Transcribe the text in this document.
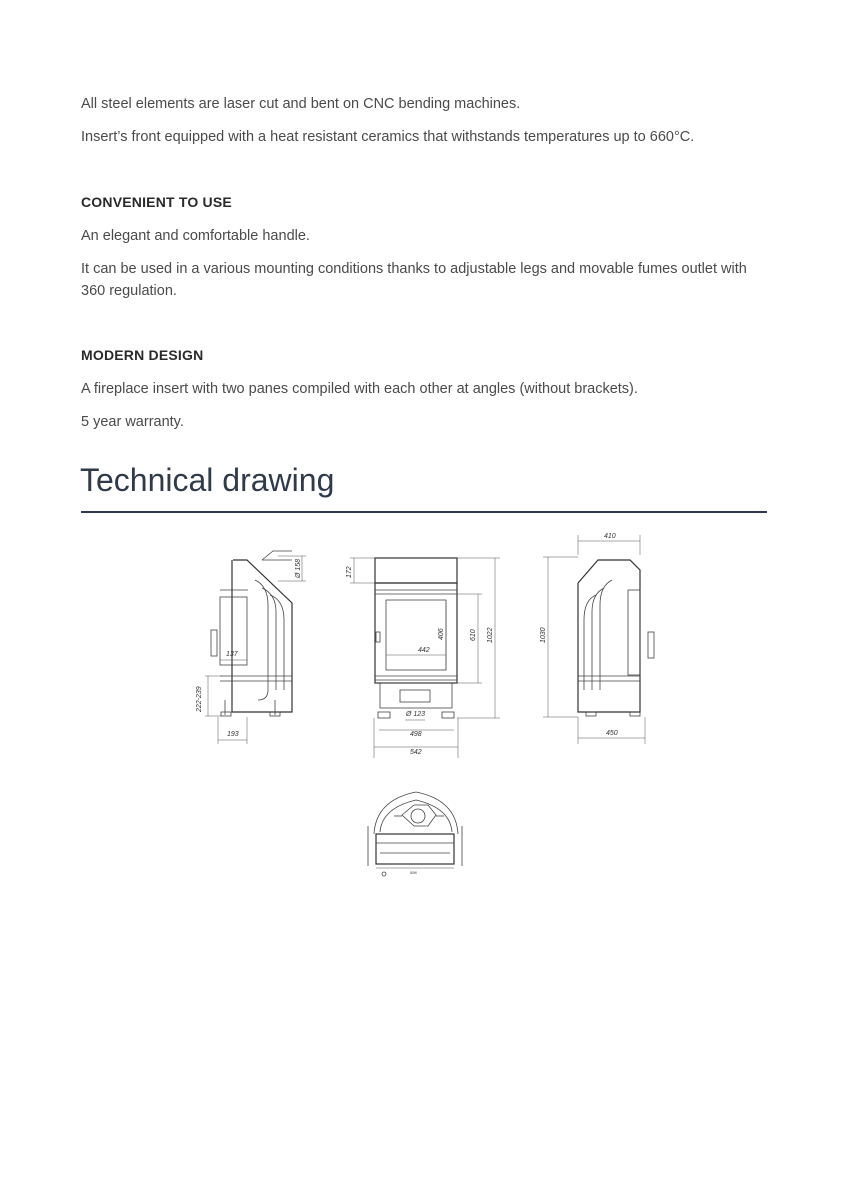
All steel elements are laser cut and bent on CNC bending machines.

Insert’s front equipped with a heat resistant ceramics that withstands temperatures up to 660°C.

CONVENIENT TO USE

An elegant and comfortable handle.

It can be used in a various mounting conditions thanks to adjustable legs and movable fumes outlet with 360 regulation.

MODERN DESIGN

A fireplace insert with two panes compiled with each other at angles (without brackets).

5 year warranty.

Technical drawing
Ø 158
137
222-239
193
172
406
442
610 1022
Ø 123
498
542
410
1030
450
596
